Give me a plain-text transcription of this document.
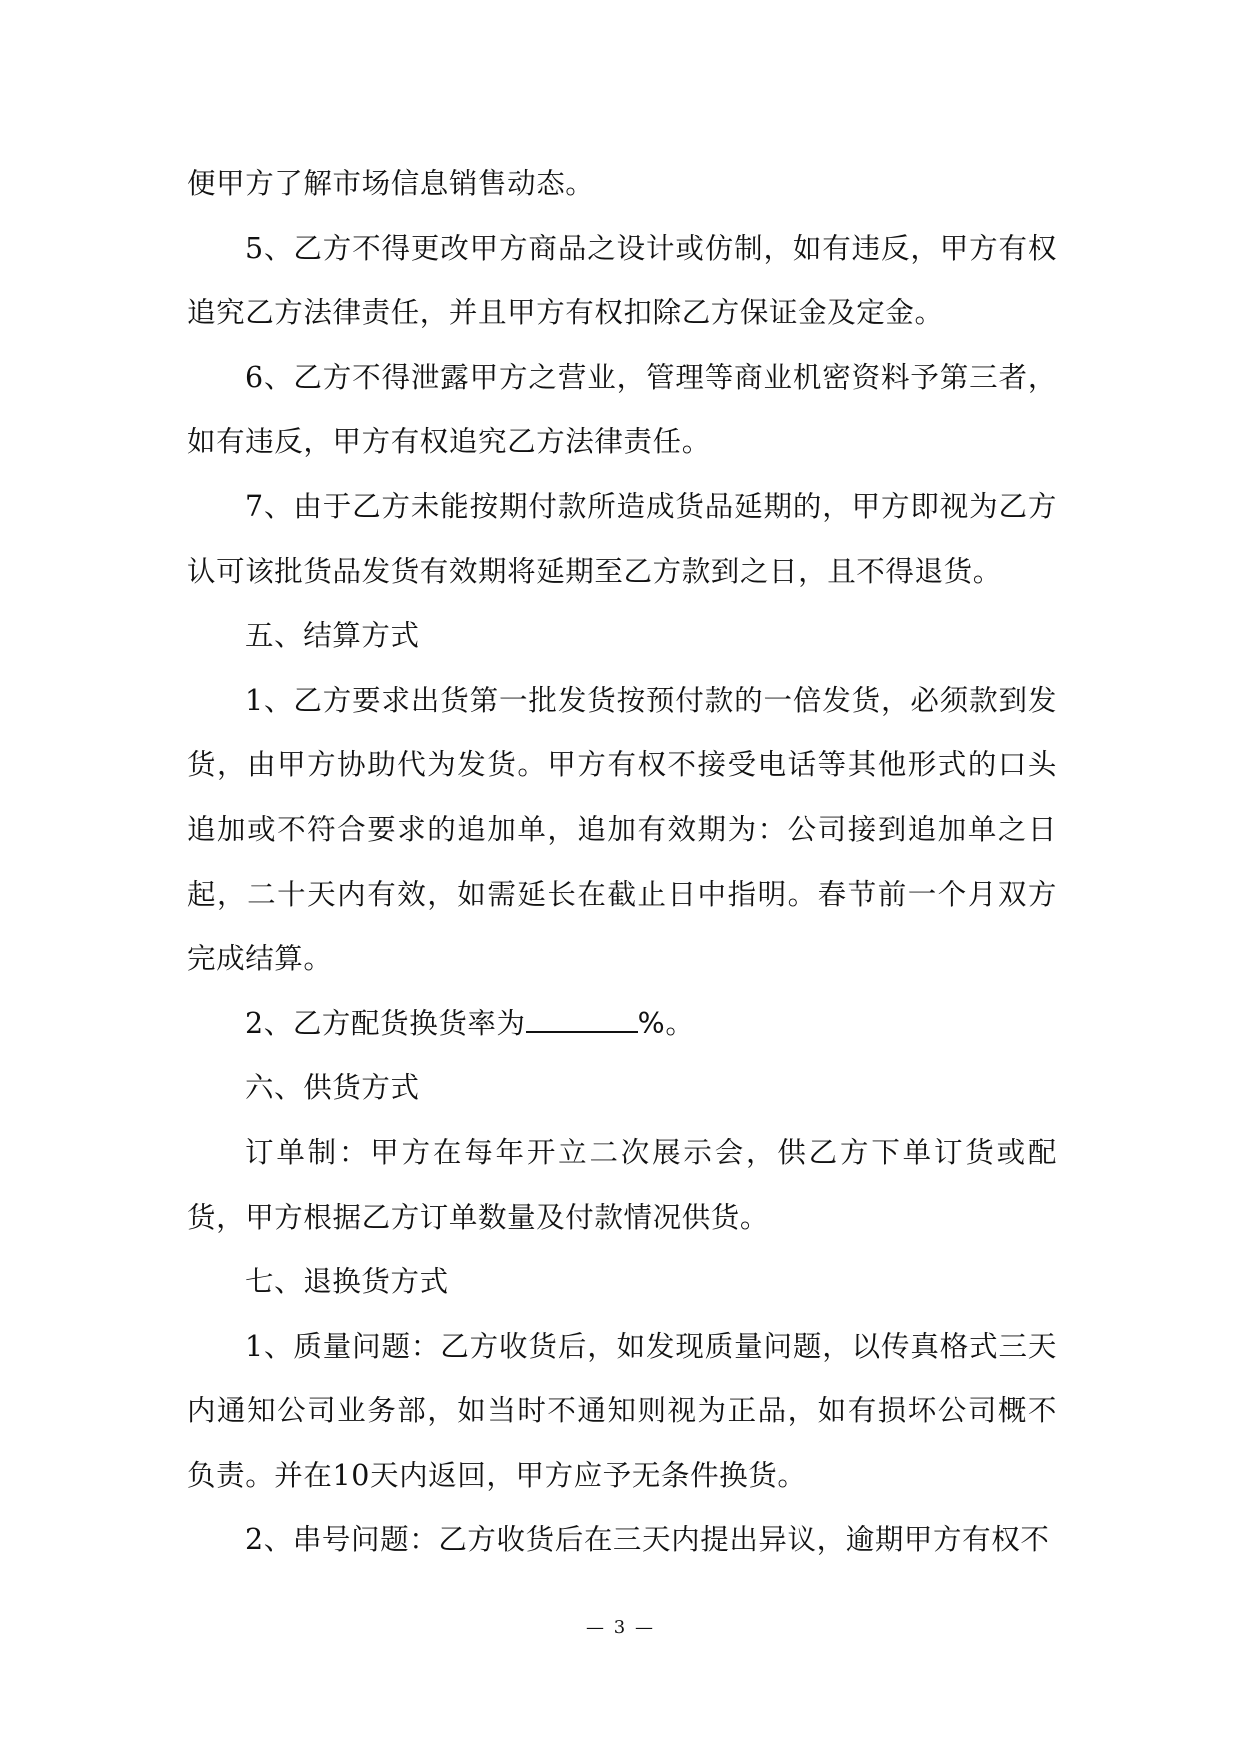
便甲方了解市场信息销售动态。

5、乙方不得更改甲方商品之设计或仿制，如有违反，甲方有权追究乙方法律责任，并且甲方有权扣除乙方保证金及定金。

6、乙方不得泄露甲方之营业，管理等商业机密资料予第三者，如有违反，甲方有权追究乙方法律责任。

7、由于乙方未能按期付款所造成货品延期的，甲方即视为乙方认可该批货品发货有效期将延期至乙方款到之日，且不得退货。

五、结算方式

1、乙方要求出货第一批发货按预付款的一倍发货，必须款到发货，由甲方协助代为发货。甲方有权不接受电话等其他形式的口头追加或不符合要求的追加单，追加有效期为：公司接到追加单之日起，二十天内有效，如需延长在截止日中指明。春节前一个月双方完成结算。

2、乙方配货换货率为	%。

六、供货方式

订单制：甲方在每年开立二次展示会，供乙方下单订货或配货，甲方根据乙方订单数量及付款情况供货。

七、退换货方式

1、质量问题：乙方收货后，如发现质量问题，以传真格式三天内通知公司业务部，如当时不通知则视为正品，如有损坏公司概不负责。并在10天内返回，甲方应予无条件换货。

2、串号问题：乙方收货后在三天内提出异议，逾期甲方有权不

— 3 —
